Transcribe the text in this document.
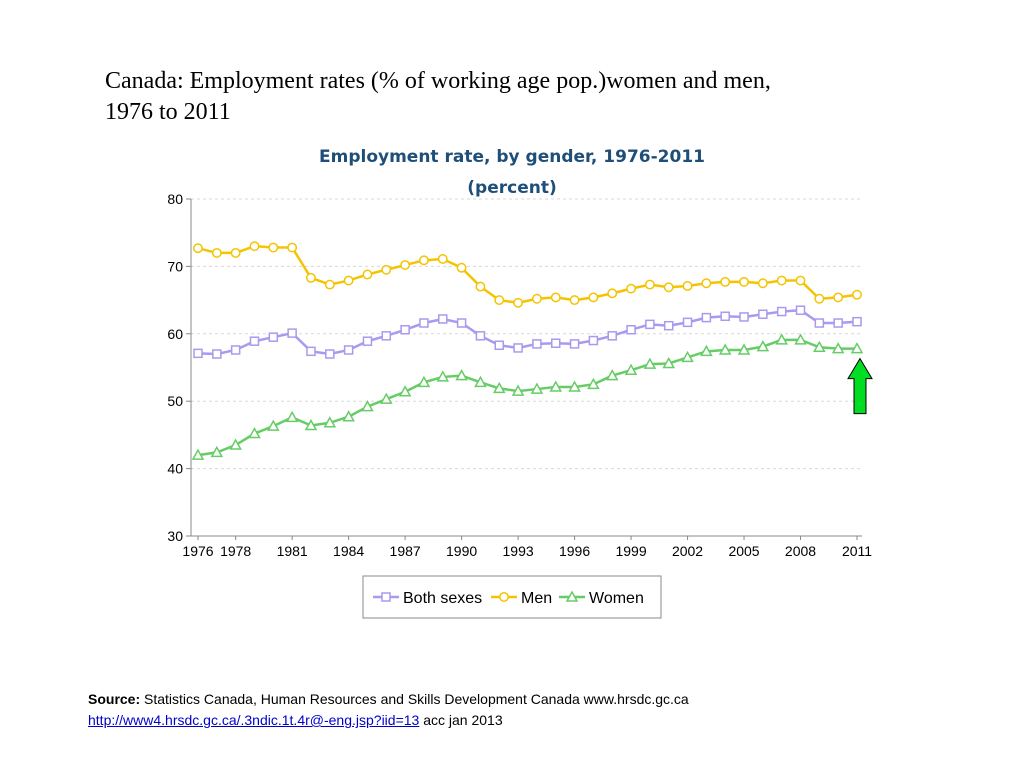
Canada: Employment rates (% of working age pop.)women and men,
1976 to 2011
Employment rate, by gender, 1976-2011
(percent)
30
40
50
60
70
80
1976 1978 1981 1984 1987 1990 1993 1996 1999 2002 2005 2008 2011
Both sexes Men Women
Source: Statistics Canada, Human Resources and Skills Development Canada www.hrsdc.gc.ca
http://www4.hrsdc.gc.ca/.3ndic.1t.4r@-eng.jsp?iid=13 acc jan 2013
